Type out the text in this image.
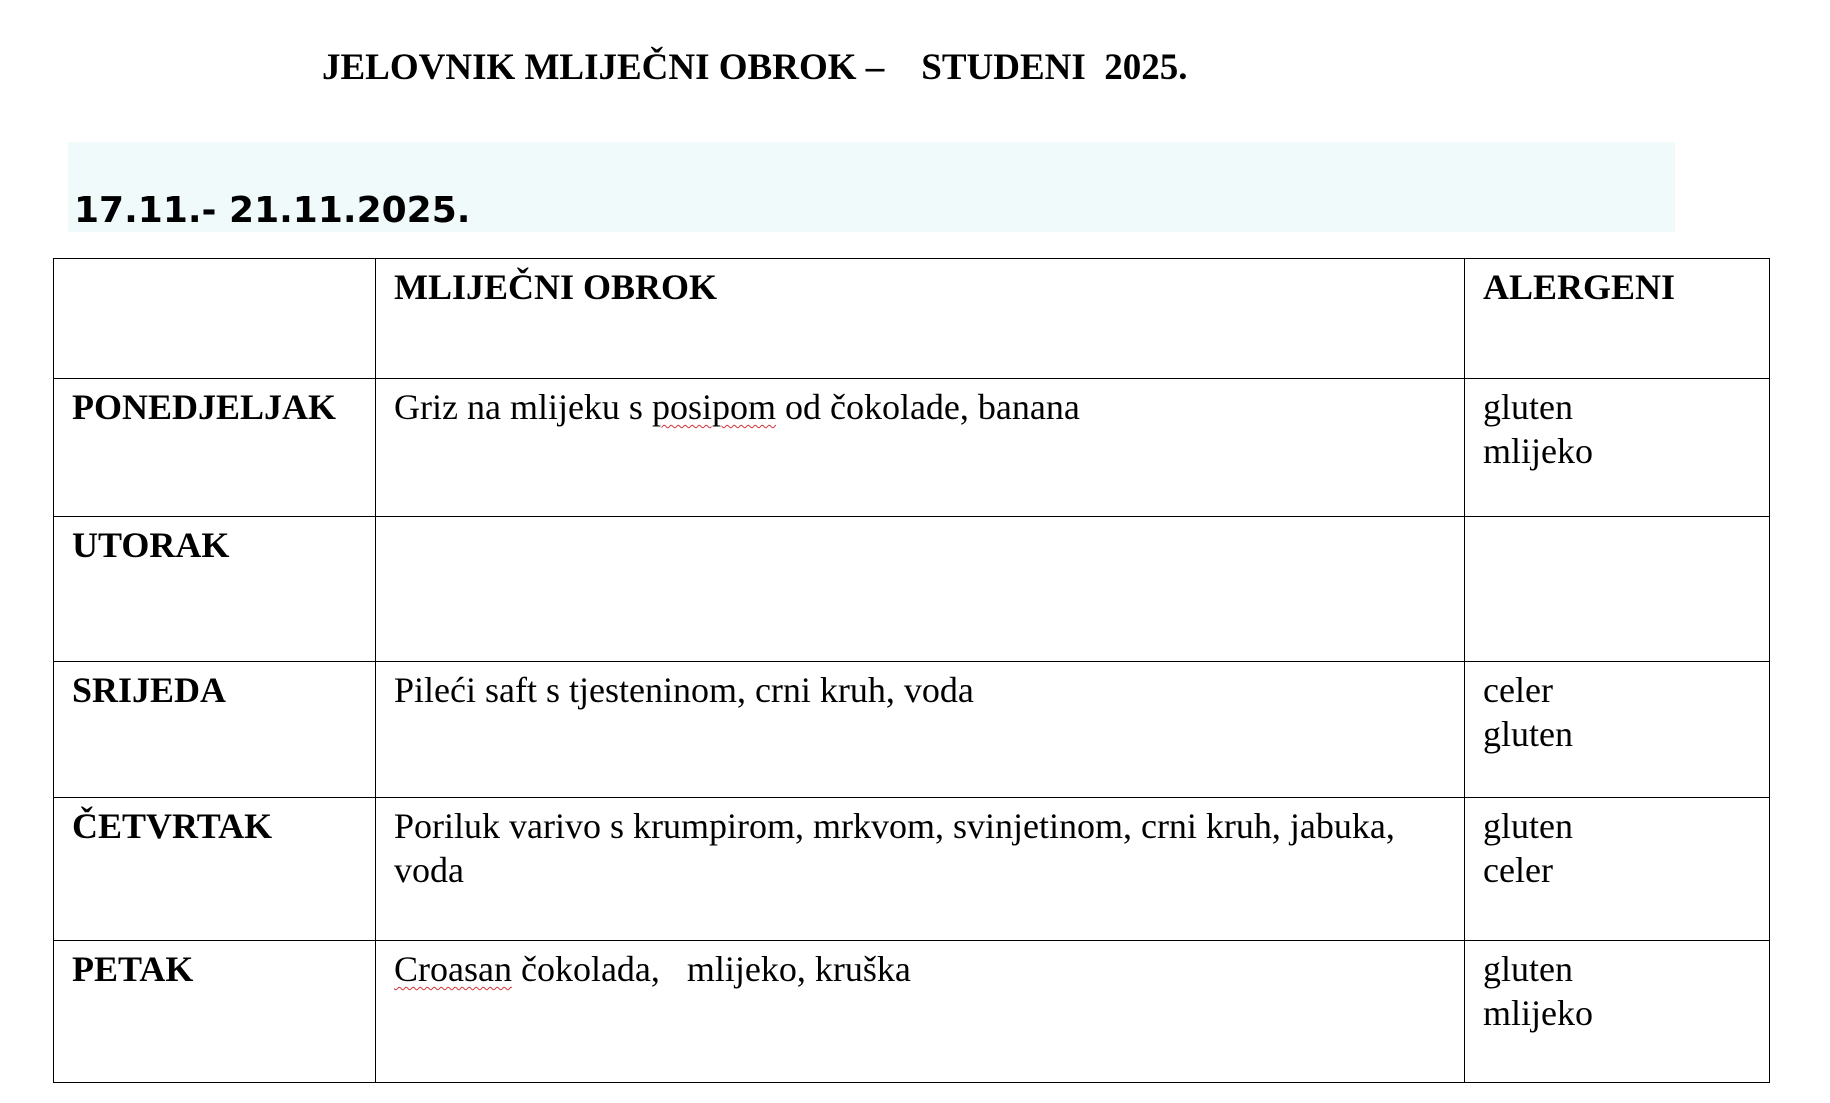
JELOVNIK MLIJEČNI OBROK –    STUDENI  2025.
17.11.- 21.11.2025.
	MLIJEČNI OBROK	ALERGENI
PONEDJELJAK	Griz na mlijeku s posipom od čokolade, banana	gluten
mlijeko

UTORAK		
SRIJEDA	Pileći saft s tjesteninom, crni kruh, voda	celer
gluten

ČETVRTAK	Poriluk varivo s krumpirom, mrkvom, svinjetinom, crni kruh, jabuka, voda	gluten
celer

PETAK	Croasan čokolada,   mlijeko, kruška	gluten
mlijeko
